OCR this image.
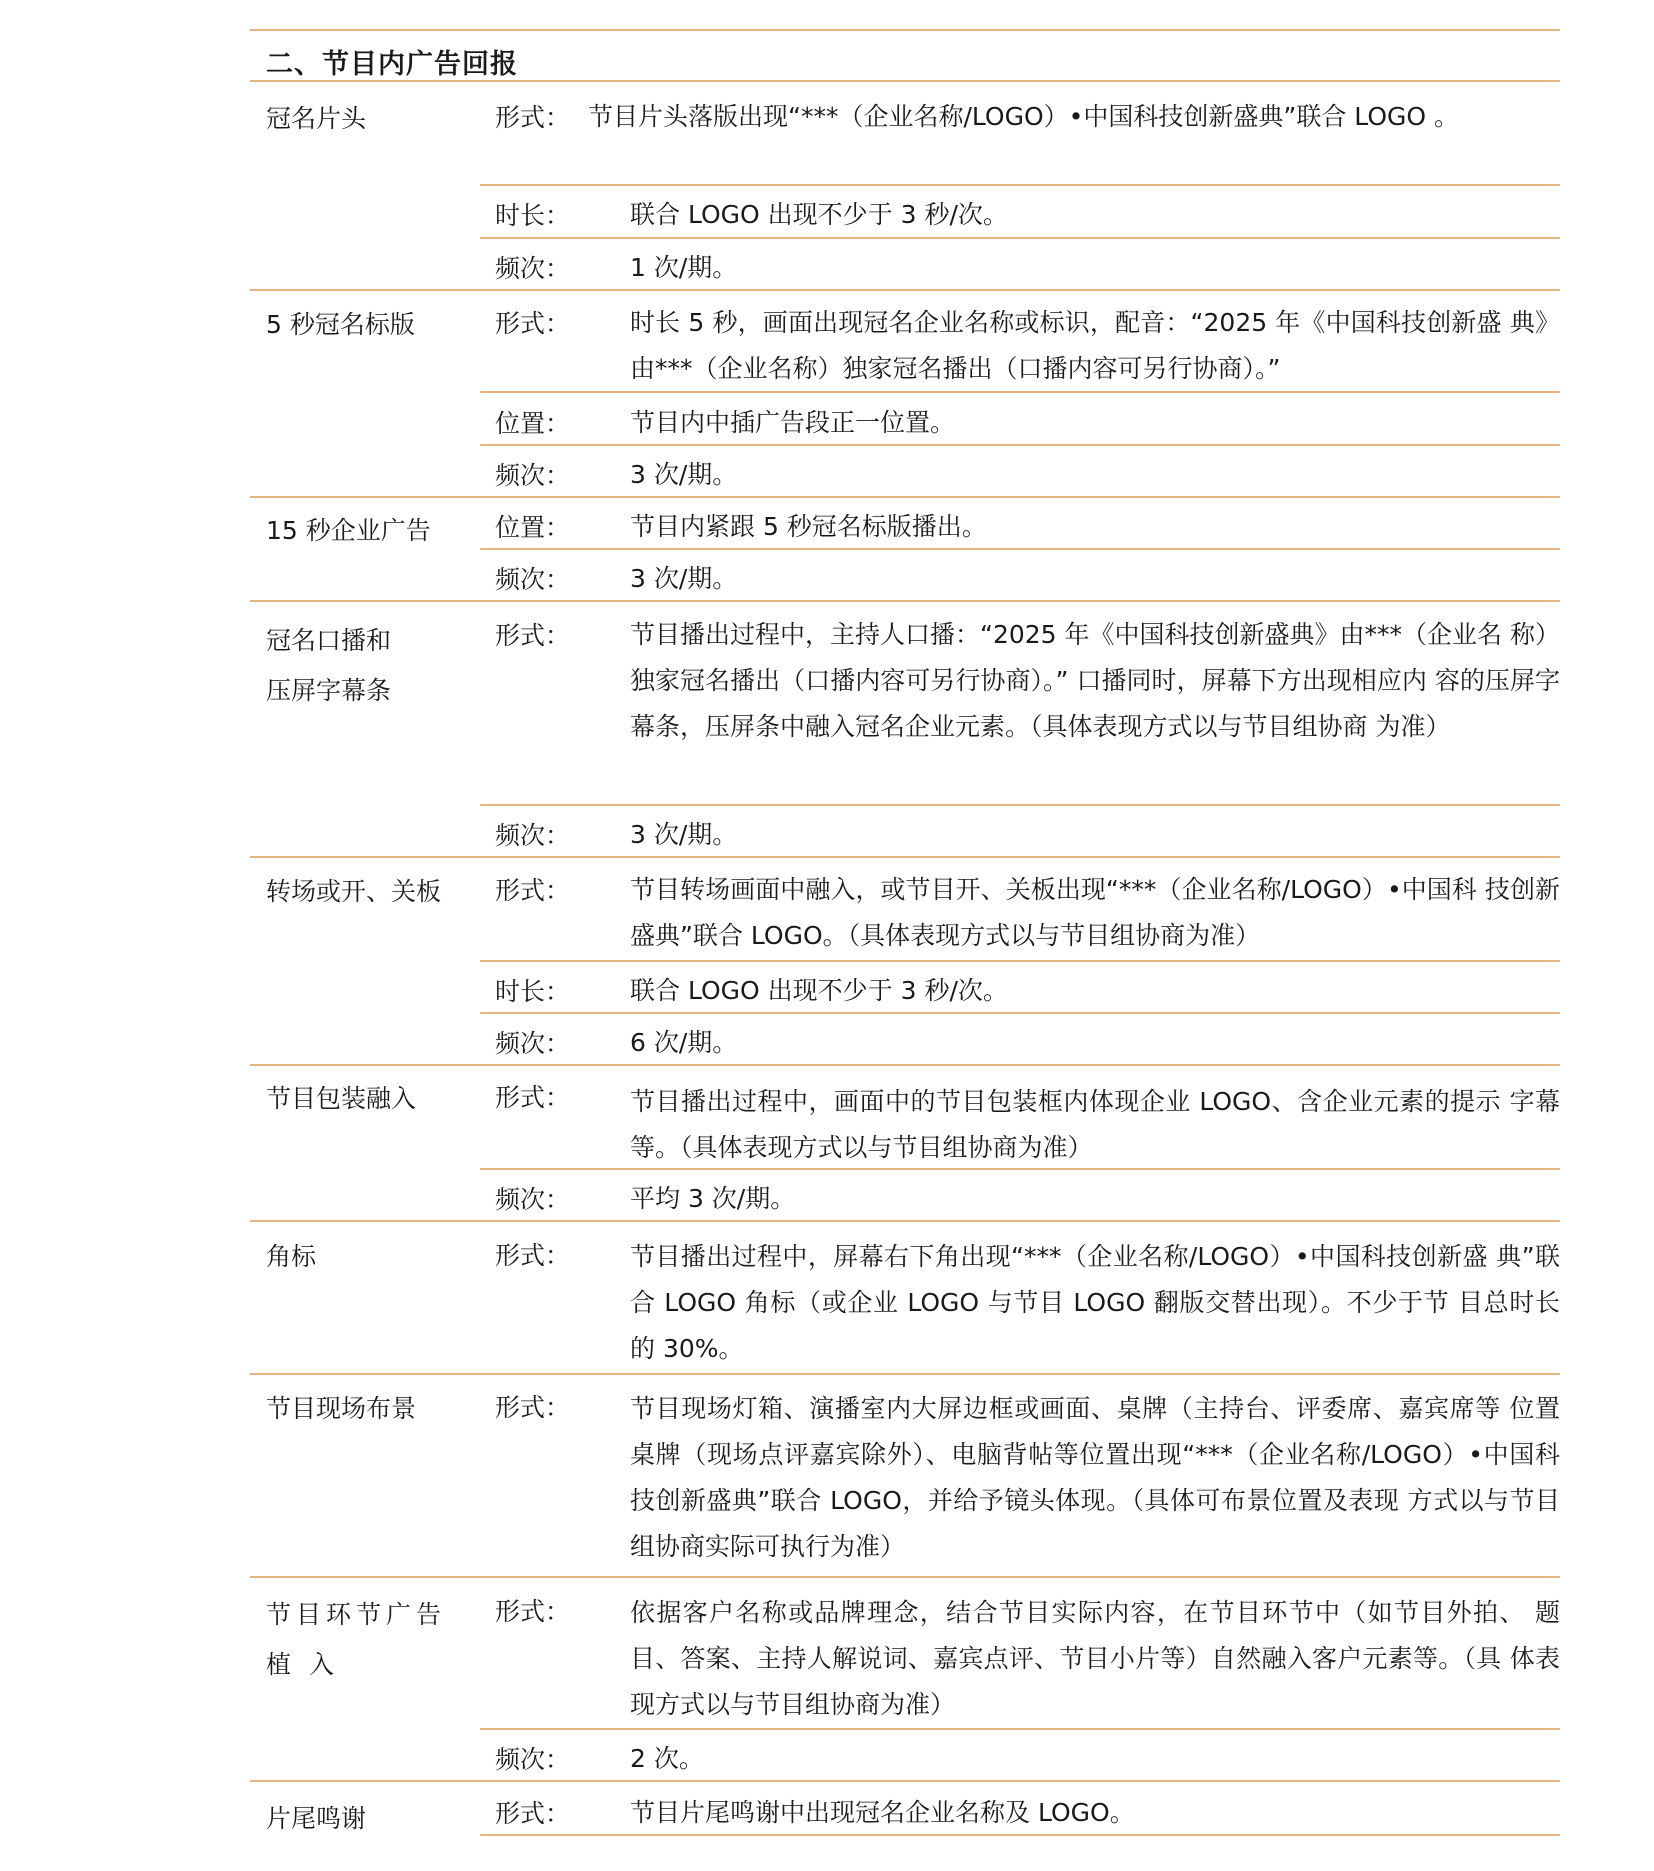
二、节目内广告回报
冠名片头	形式： 节目片头落版出现“***（企业名称/LOGO）•中国科技创新盛典”联合 LOGO 。
时长：	联合 LOGO 出现不少于 3 秒/次。
频次：	1 次/期。
5 秒冠名标版	形式：	时长 5 秒，画面出现冠名企业名称或标识，配音：“2025 年《中国科技创新盛 典》由***（企业名称）独家冠名播出（口播内容可另行协商）。”
位置：	节目内中插广告段正一位置。
频次：	3 次/期。
15 秒企业广告	位置：	节目内紧跟 5 秒冠名标版播出。
频次：	3 次/期。
冠名口播和 压屏字幕条
形式：	节目播出过程中，主持人口播：“2025 年《中国科技创新盛典》由***（企业名 称）独家冠名播出（口播内容可另行协商）。” 口播同时，屏幕下方出现相应内 容的压屏字幕条，压屏条中融入冠名企业元素。（具体表现方式以与节目组协商 为准）
频次：	3 次/期。
转场或开、关板	形式：	节目转场画面中融入，或节目开、关板出现“***（企业名称/LOGO）•中国科 技创新盛典”联合 LOGO。（具体表现方式以与节目组协商为准）
时长：	联合 LOGO 出现不少于 3 秒/次。
频次：	6 次/期。
节目包装融入	形式：	节目播出过程中，画面中的节目包装框内体现企业 LOGO、含企业元素的提示 字幕等。（具体表现方式以与节目组协商为准）
频次：	平均 3 次/期。
角标	形式：	节目播出过程中，屏幕右下角出现“***（企业名称/LOGO）•中国科技创新盛 典”联合 LOGO 角标（或企业 LOGO 与节目 LOGO 翻版交替出现）。不少于节 目总时长的 30%。
节目现场布景	形式：	节目现场灯箱、演播室内大屏边框或画面、桌牌（主持台、评委席、嘉宾席等 位置桌牌（现场点评嘉宾除外）、电脑背帖等位置出现“***（企业名称/LOGO）•中国科技创新盛典”联合 LOGO，并给予镜头体现。（具体可布景位置及表现 方式以与节目组协商实际可执行为准）
节目环节广告植 入
形式：	依据客户名称或品牌理念，结合节目实际内容，在节目环节中（如节目外拍、 题目、答案、主持人解说词、嘉宾点评、节目小片等）自然融入客户元素等。（具 体表现方式以与节目组协商为准）
频次：	2 次。
片尾鸣谢	形式：	节目片尾鸣谢中出现冠名企业名称及 LOGO。
